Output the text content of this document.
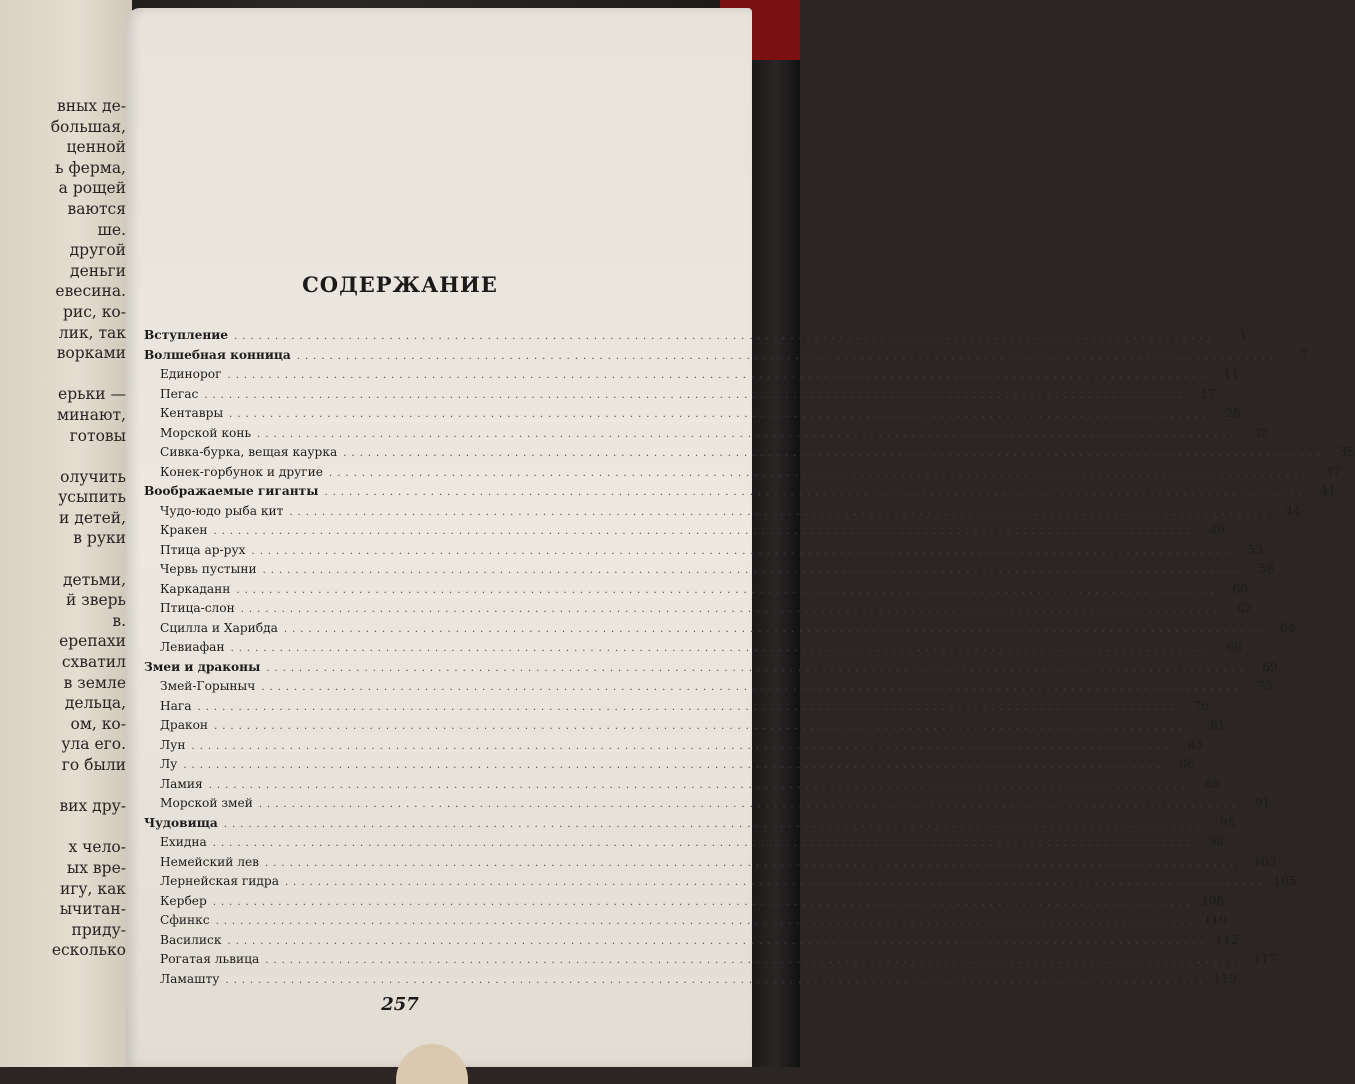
вных де-
большая,
ценной
ь ферма,
а рощей
ваются
ше.
другой
деньги
евесина.
рис, ко-
лик, так
ворками
ерьки —
минают,
готовы
олучить
усыпить
и детей,
в руки
детьми,
й зверь
в.
ерепахи
схватил
в земле
дельца,
ом, ко-
ула его.
го были
вих дру-
х чело-
ых вре-
игу, как
ычитан-
приду-
есколько
СОДЕРЖАНИЕ
Вступление ........................................................................................................................	3
Волшебная конница ........................................................................................................................	7
Единорог ........................................................................................................................	11
Пегас ........................................................................................................................	17
Кентавры ........................................................................................................................	28
Морской конь ........................................................................................................................	32
Сивка-бурка, вещая каурка ........................................................................................................................	35
Конек-горбунок и другие ........................................................................................................................	37
Воображаемые гиганты ........................................................................................................................	41
Чудо-юдо рыба кит ........................................................................................................................	44
Кракен ........................................................................................................................	49
Птица ар-рух ........................................................................................................................	53
Червь пустыни ........................................................................................................................	58
Каркаданн ........................................................................................................................	60
Птица-слон ........................................................................................................................	62
Сцилла и Харибда ........................................................................................................................	64
Левиафан ........................................................................................................................	68
Змеи и драконы ........................................................................................................................	69
Змей-Горыныч ........................................................................................................................	73
Нага ........................................................................................................................	76
Дракон ........................................................................................................................	81
Лун ........................................................................................................................	83
Лу ........................................................................................................................	86
Ламия ........................................................................................................................	88
Морской змей ........................................................................................................................	91
Чудовища ........................................................................................................................	95
Ехидна ........................................................................................................................	98
Немейский лев ........................................................................................................................ 103
Лернейская гидра ........................................................................................................................ 105
Кербер ........................................................................................................................ 108
Сфинкс ........................................................................................................................ 110
Василиск ........................................................................................................................ 112
Рогатая львица ........................................................................................................................ 117
Ламашту ........................................................................................................................ 119
257
